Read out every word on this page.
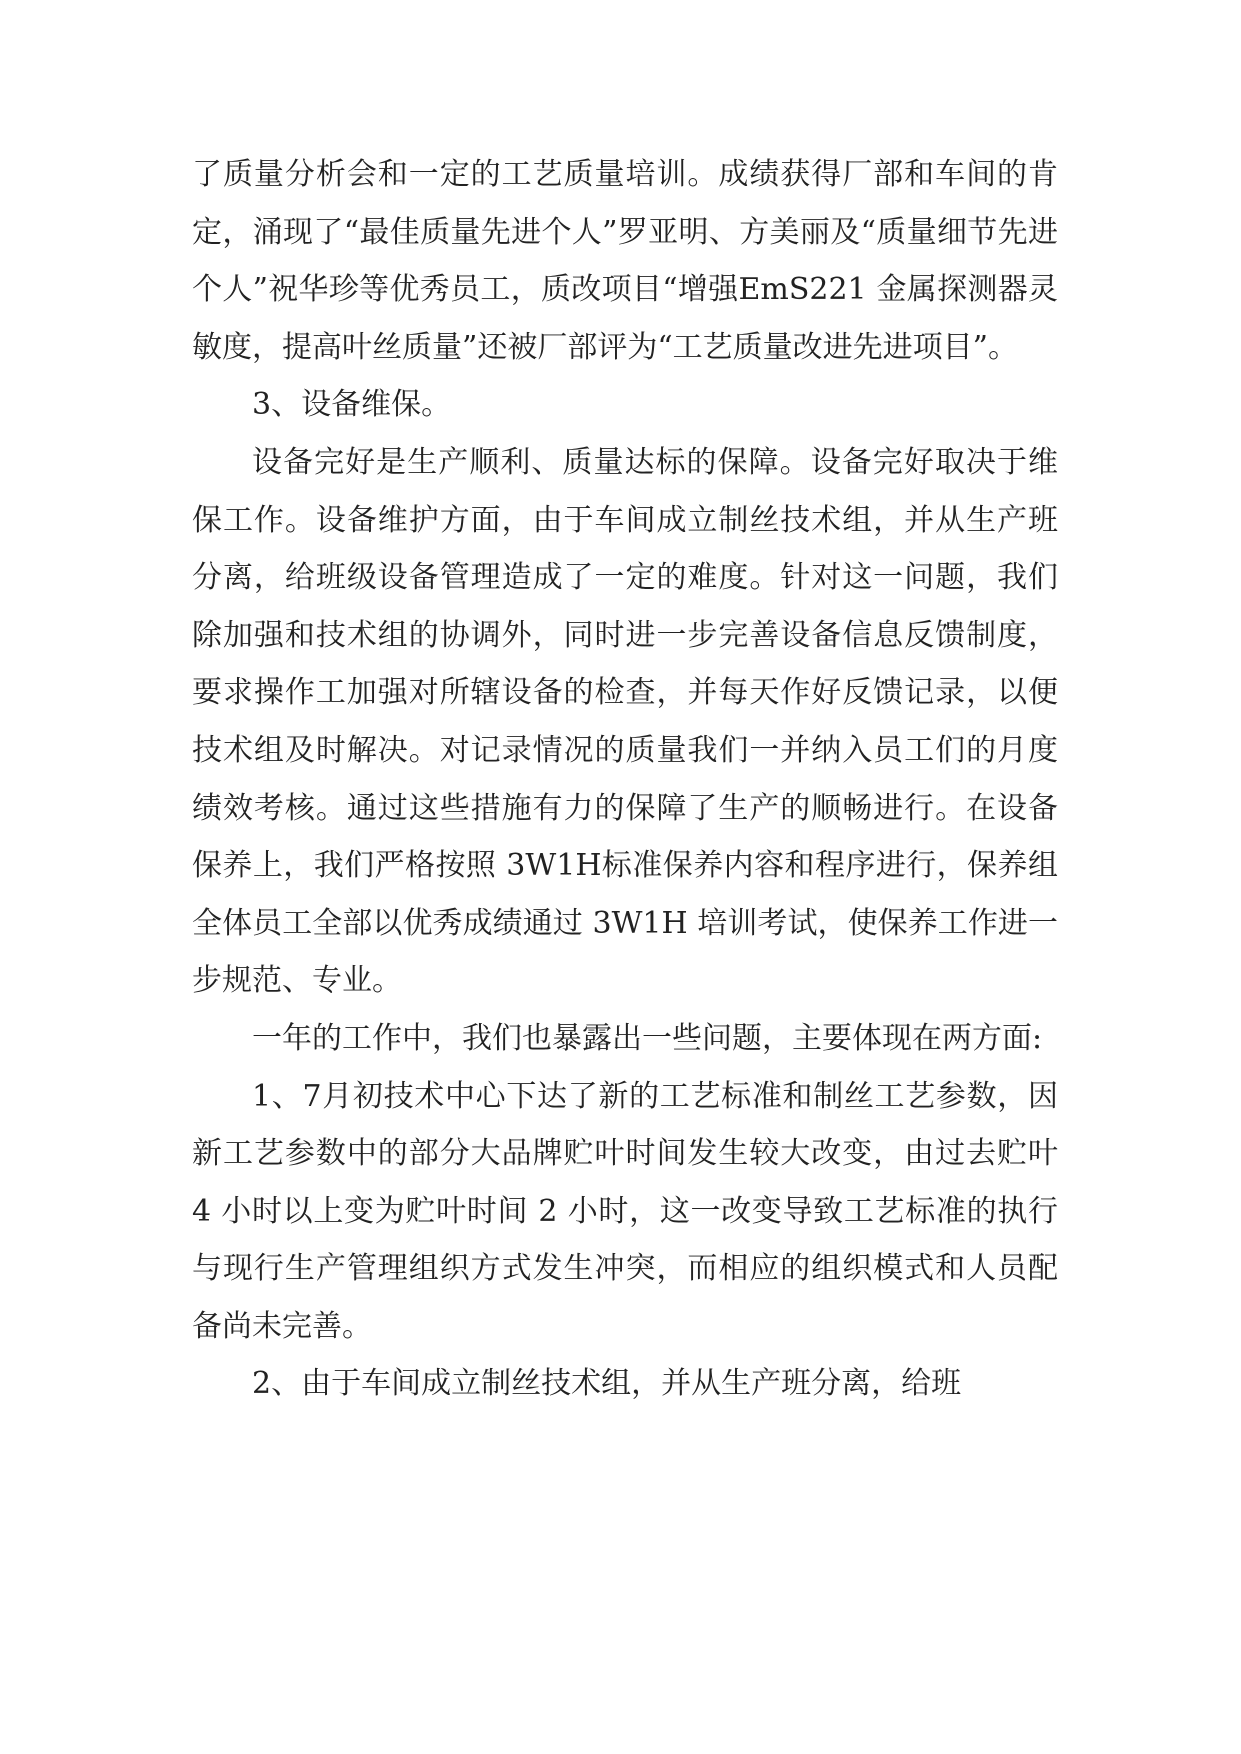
了质量分析会和一定的工艺质量培训。成绩获得厂部和车间的肯定，涌现了“最佳质量先进个人”罗亚明、方美丽及“质量细节先进个人”祝华珍等优秀员工，质改项目“增强EmS221 金属探测器灵敏度，提高叶丝质量”还被厂部评为“工艺质量改进先进项目”。

3、设备维保。

设备完好是生产顺利、质量达标的保障。设备完好取决于维保工作。设备维护方面，由于车间成立制丝技术组，并从生产班分离，给班级设备管理造成了一定的难度。针对这一问题，我们除加强和技术组的协调外，同时进一步完善设备信息反馈制度，要求操作工加强对所辖设备的检查，并每天作好反馈记录，以便技术组及时解决。对记录情况的质量我们一并纳入员工们的月度绩效考核。通过这些措施有力的保障了生产的顺畅进行。在设备保养上，我们严格按照 3W1H标准保养内容和程序进行，保养组全体员工全部以优秀成绩通过 3W1H 培训考试，使保养工作进一步规范、专业。

一年的工作中，我们也暴露出一些问题，主要体现在两方面:

1、7月初技术中心下达了新的工艺标准和制丝工艺参数，因新工艺参数中的部分大品牌贮叶时间发生较大改变，由过去贮叶 4 小时以上变为贮叶时间 2 小时，这一改变导致工艺标准的执行与现行生产管理组织方式发生冲突，而相应的组织模式和人员配备尚未完善。

2、由于车间成立制丝技术组，并从生产班分离，给班
